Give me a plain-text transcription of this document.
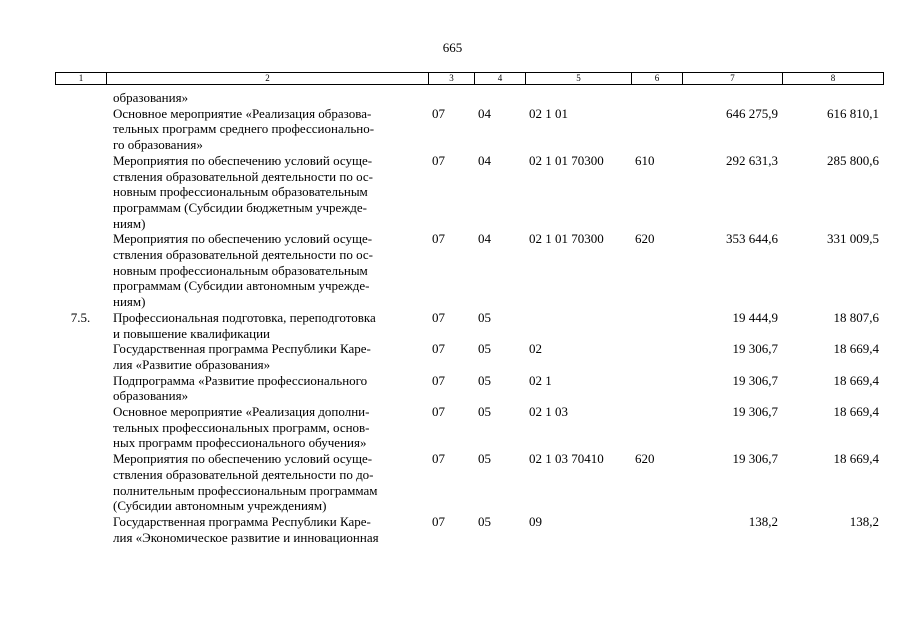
665
1	2	3	4	5	6	7	8
	образования»						
	Основное мероприятие «Реализация образова-
тельных программ среднего профессионально-
го образования»	07	04	02 1 01		646 275,9	616 810,1
	Мероприятия по обеспечению условий осуще-
ствления образовательной деятельности по ос-
новным профессиональным образовательным
программам (Субсидии бюджетным учрежде-
ниям)	07	04	02 1 01 70300	610	292 631,3	285 800,6
	Мероприятия по обеспечению условий осуще-
ствления образовательной деятельности по ос-
новным профессиональным образовательным
программам (Субсидии автономным учрежде-
ниям)	07	04	02 1 01 70300	620	353 644,6	331 009,5
7.5.	Профессиональная подготовка, переподготовка
и повышение квалификации	07	05			19 444,9	18 807,6
	Государственная программа Республики Каре-
лия «Развитие образования»	07	05	02		19 306,7	18 669,4
	Подпрограмма «Развитие профессионального
образования»	07	05	02 1		19 306,7	18 669,4
	Основное мероприятие «Реализация дополни-
тельных профессиональных программ, основ-
ных программ профессионального обучения»	07	05	02 1 03		19 306,7	18 669,4
	Мероприятия по обеспечению условий осуще-
ствления образовательной деятельности по до-
полнительным профессиональным программам
(Субсидии автономным учреждениям)	07	05	02 1 03 70410	620	19 306,7	18 669,4
	Государственная программа Республики Каре-
лия «Экономическое развитие и инновационная	07	05	09		138,2	138,2
